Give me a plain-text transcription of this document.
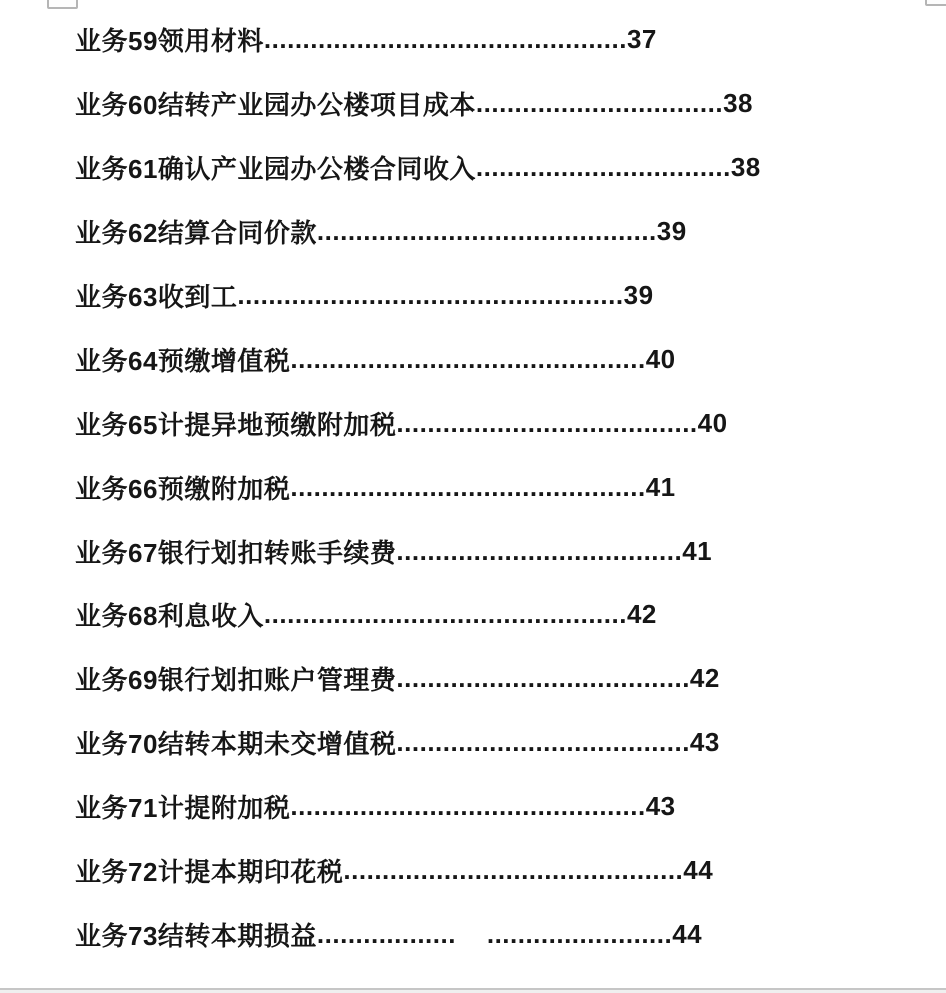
业务59领用材料 ............................................... 37
业务60结转产业园办公楼项目成本 ................................ 38
业务61确认产业园办公楼合同收入 ................................. 38
业务62结算合同价款 ............................................ 39
业务63收到工 .................................................. 39
业务64预缴增值税 .............................................. 40
业务65计提异地预缴附加税 ....................................... 40
业务66预缴附加税 .............................................. 41
业务67银行划扣转账手续费 ..................................... 41
业务68利息收入 ............................................... 42
业务69银行划扣账户管理费 ...................................... 42
业务70结转本期未交增值税 ...................................... 43
业务71计提附加税 .............................................. 43
业务72计提本期印花税 ............................................ 44
业务73结转本期损益 ..................    ........................ 44
